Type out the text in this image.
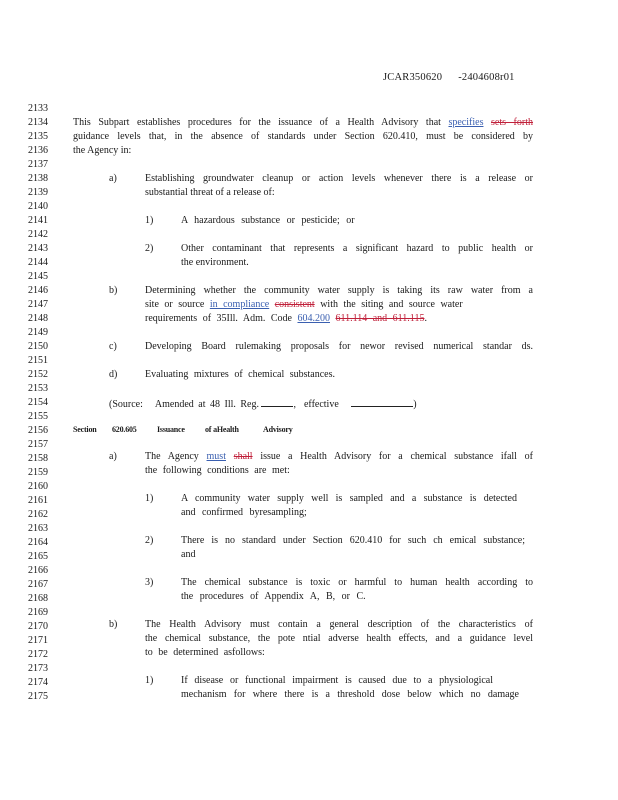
JCAR350620 -2404608r01
2133
2134
2135
2136
2137
2138
2139
2140
2141
2142
2143
2144
2145
2146
2147
2148
2149
2150
2151
2152
2153
2154
2155
2156
2157
2158
2159
2160
2161
2162
2163
2164
2165
2166
2167
2168
2169
2170
2171
2172
2173
2174
2175
This Subpart establishes procedures for the issuance of a Health Advisory that specifies sets forth
guidance levels that, in the absence of standards under Section 620.410, must be considered by
the Agency in:
a)	Establishing groundwater cleanup or action levels whenever there is a release or
substantial threat of a release of:
1)	A hazardous substance or pesticide; or
2)	Other contaminant that represents a significant hazard to public health or
the environment.
b)	Determining whether the community water supply is taking its raw water from a
site or source in compliance consistent with the siting and source water
requirements of 35Ill. Adm. Code 604.200 611.114 and 611.115.
c)	Developing Board rulemaking proposals for newor revised numerical standar ds.
d)	Evaluating mixtures of chemical substances.
(Source: Amended at 48 Ill. Reg.	, effective	)
Section 620.605	Issuance	of aHealth	Advisory
a)	The Agency must shall issue a Health Advisory for a chemical substance ifall of
the following conditions are met:
1)	A community water supply well is sampled and a substance is detected
and confirmed byresampling;
2)	There is no standard under Section 620.410 for such ch emical substance;
and
3)	The chemical substance is toxic or harmful to human health according to
the procedures of Appendix A, B, or C.
b)	The Health Advisory must contain a general description of the characteristics of
the chemical substance, the pote ntial adverse health effects, and a guidance level
to be determined asfollows:
1)	If disease or functional impairment is caused due to a physiological
mechanism for where there is a threshold dose below which no damage
